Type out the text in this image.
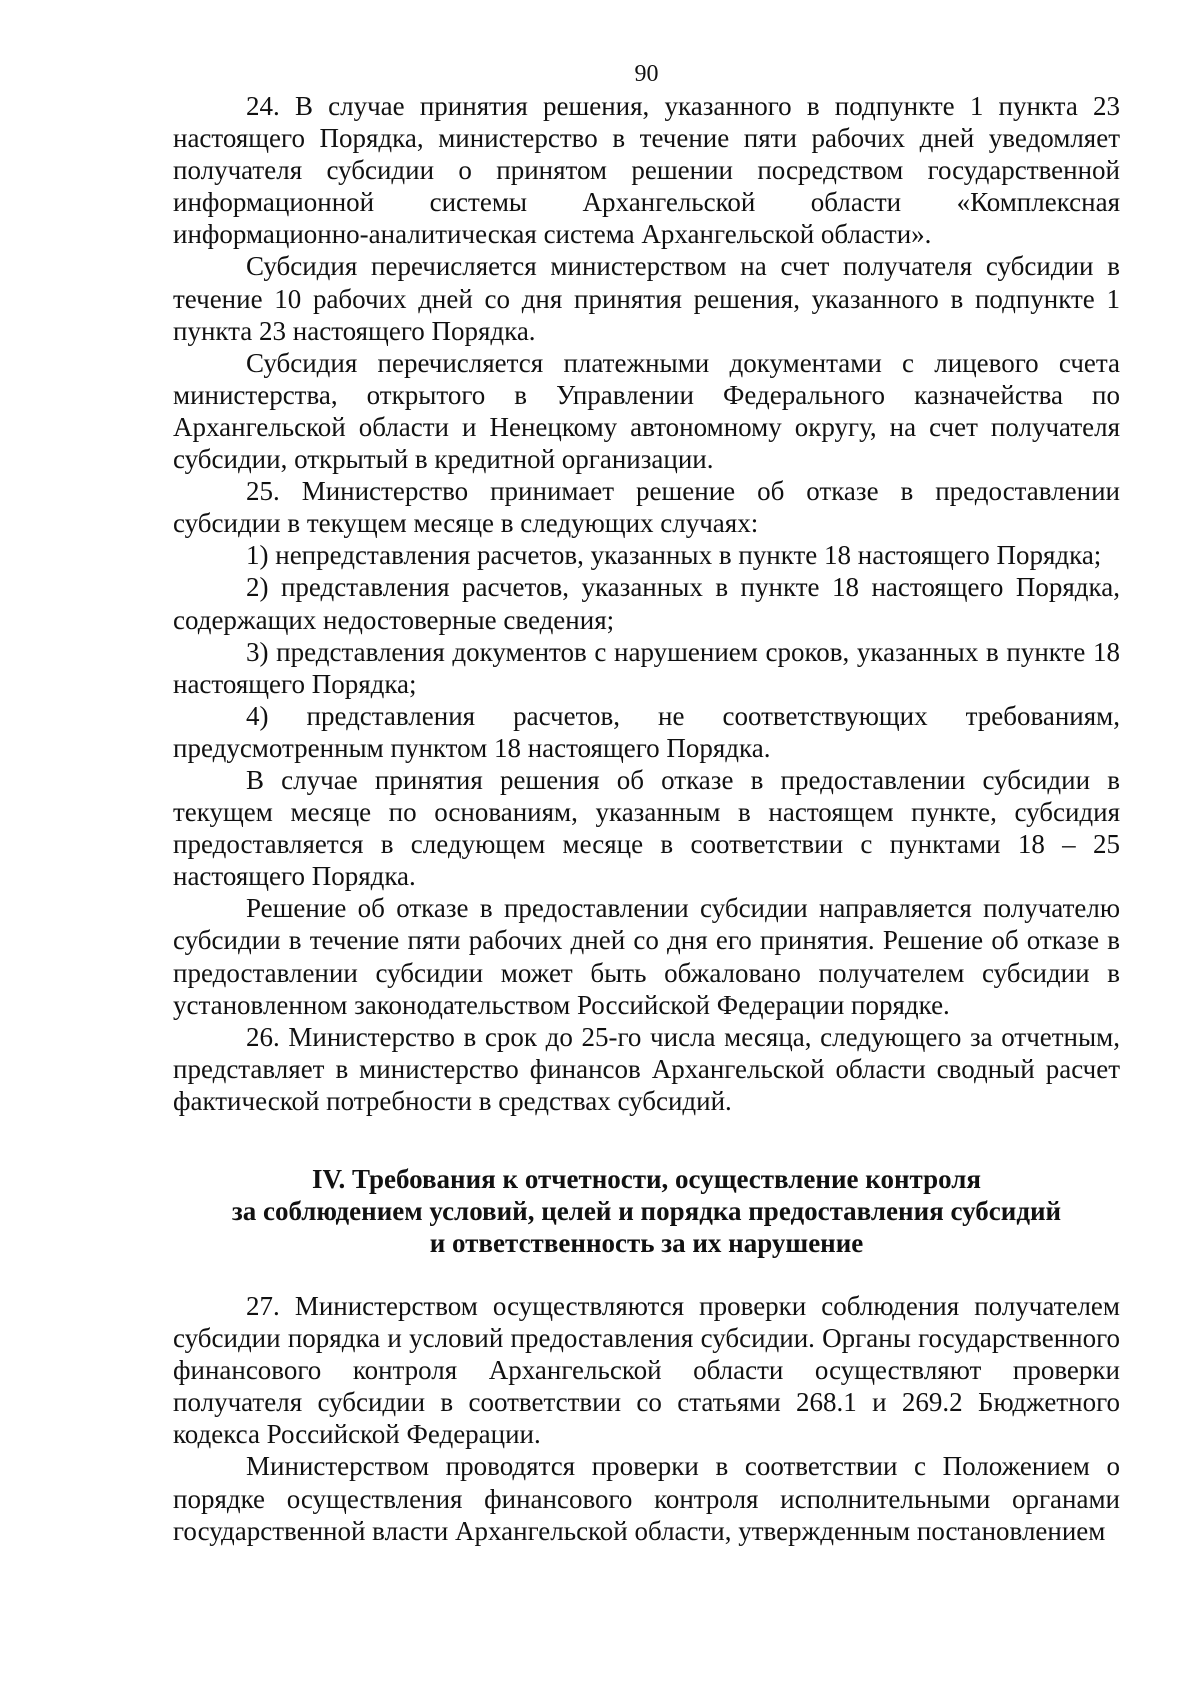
90

24. В случае принятия решения, указанного в подпункте 1 пункта 23 настоящего Порядка, министерство в течение пяти рабочих дней уведомляет получателя субсидии о принятом решении посредством государственной информационной системы Архангельской области «Комплексная информационно-аналитическая система Архангельской области».

Субсидия перечисляется министерством на счет получателя субсидии в течение 10 рабочих дней со дня принятия решения, указанного в подпункте 1 пункта 23 настоящего Порядка.

Субсидия перечисляется платежными документами с лицевого счета министерства, открытого в Управлении Федерального казначейства по Архангельской области и Ненецкому автономному округу, на счет получателя субсидии, открытый в кредитной организации.

25. Министерство принимает решение об отказе в предоставлении субсидии в текущем месяце в следующих случаях:

1) непредставления расчетов, указанных в пункте 18 настоящего Порядка;

2) представления расчетов, указанных в пункте 18 настоящего Порядка, содержащих недостоверные сведения;

3) представления документов с нарушением сроков, указанных в пункте 18 настоящего Порядка;

4) представления расчетов, не соответствующих требованиям, предусмотренным пунктом 18 настоящего Порядка.

В случае принятия решения об отказе в предоставлении субсидии в текущем месяце по основаниям, указанным в настоящем пункте, субсидия предоставляется в следующем месяце в соответствии с пунктами 18 – 25 настоящего Порядка.

Решение об отказе в предоставлении субсидии направляется получателю субсидии в течение пяти рабочих дней со дня его принятия. Решение об отказе в предоставлении субсидии может быть обжаловано получателем субсидии в установленном законодательством Российской Федерации порядке.

26. Министерство в срок до 25-го числа месяца, следующего за отчетным, представляет в министерство финансов Архангельской области сводный расчет фактической потребности в средствах субсидий.

IV. Требования к отчетности, осуществление контроля
за соблюдением условий, целей и порядка предоставления субсидий
и ответственность за их нарушение

27. Министерством осуществляются проверки соблюдения получателем субсидии порядка и условий предоставления субсидии. Органы государственного финансового контроля Архангельской области осуществляют проверки получателя субсидии в соответствии со статьями 268.1 и 269.2 Бюджетного кодекса Российской Федерации.

Министерством проводятся проверки в соответствии с Положением о порядке осуществления финансового контроля исполнительными органами государственной власти Архангельской области, утвержденным постановлением
